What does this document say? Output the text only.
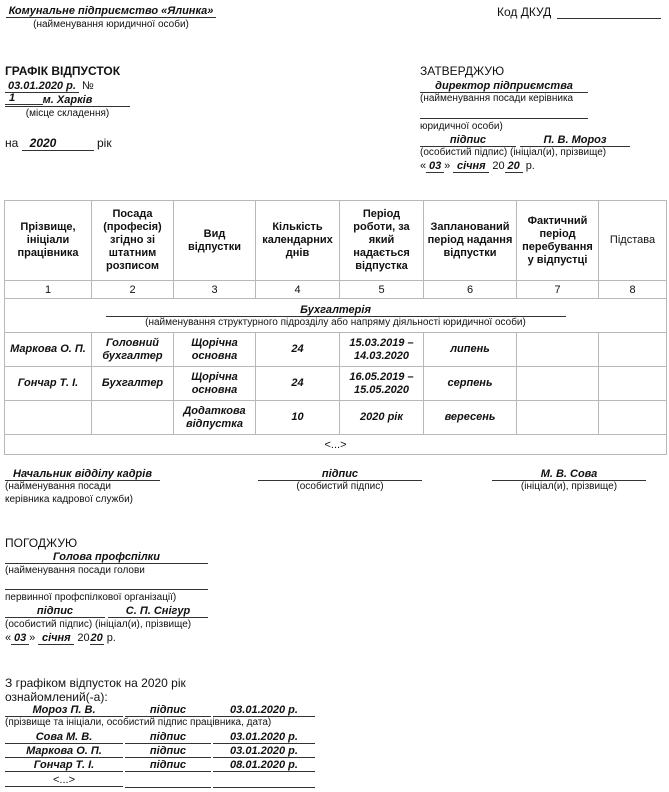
Комунальне підприємство «Ялинка»
(найменування юридичної особи)
Код ДКУД
ГРАФІК ВІДПУСТОК
03.01.2020 р. № 1	м. Харків
(місце складення)
на 2020	рік
ЗАТВЕРДЖУЮ
директор підприємства
(найменування посади керівника
юридичної особи)
підпис	П. В. Мороз
(особистий підпис) (ініціал(и), прізвище)
« 03 » січня 20 20 р.
Прізвище, ініціали працівника	Посада (професія) згідно зі штатним розписом	Вид відпустки	Кількість календарних днів	Період роботи, за який надається відпустка	Запланований період надання відпустки	Фактичний період перебування у відпустці	Підстава
1	2	3	4	5	6	7	8

Бухгалтерія
(найменування структурного підрозділу або напряму діяльності юридичної особи)							

Маркова О. П.	Головний бухгалтер	Щорічна основна	24	15.03.2019 – 14.03.2020	липень		
Гончар Т. І.	Бухгалтер	Щорічна основна	24	16.05.2019 – 15.05.2020	серпень		
		Додаткова відпустка	10	2020 рік	вересень		
<...>							
Начальник відділу кадрів
(найменування посади
керівника кадрової служби)
підпис
(особистий підпис)
М. В. Сова
(ініціал(и), прізвище)
ПОГОДЖУЮ
Голова профспілки
(найменування посади голови
первинної профспілкової організації)
підпис	С. П. Снігур
(особистий підпис) (ініціал(и), прізвище)
« 03 » січня 2020 р.
З графіком відпусток на 2020 рік
ознайомлений(-а):
Мороз П. В.	підпис	03.01.2020 р.
(прізвище та ініціали, особистий підпис працівника, дата)
Сова М. В.	підпис	03.01.2020 р.
Маркова О. П.	підпис	03.01.2020 р.
Гончар Т. І.	підпис	08.01.2020 р.
<...>
